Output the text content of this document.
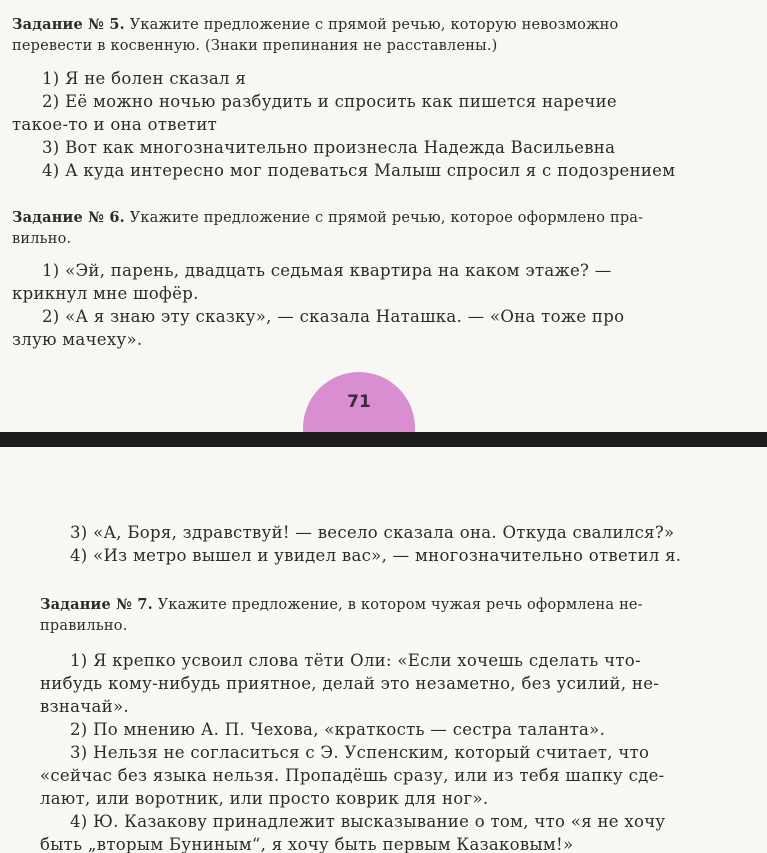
Задание № 5. Укажите предложение с прямой речью, которую невозможно
перевести в косвенную. (Знаки препинания не расставлены.)
1) Я не болен сказал я
2) Её можно ночью разбудить и спросить как пишется наречие
такое-то и она ответит
3) Вот как многозначительно произнесла Надежда Васильевна
4) А куда интересно мог подеваться Малыш спросил я с подозрением
Задание № 6. Укажите предложение с прямой речью, которое оформлено пра-
вильно.
1) «Эй, парень, двадцать седьмая квартира на каком этаже? —
крикнул мне шофёр.
2) «А я знаю эту сказку», — сказала Наташка. — «Она тоже про
злую мачеху».
71
3) «А, Боря, здравствуй! — весело сказала она. Откуда свалился?»
4) «Из метро вышел и увидел вас», — многозначительно ответил я.
Задание № 7. Укажите предложение, в котором чужая речь оформлена не-
правильно.
1) Я крепко усвоил слова тёти Оли: «Если хочешь сделать что-
нибудь кому-нибудь приятное, делай это незаметно, без усилий, не-
взначай».
2) По мнению А. П. Чехова, «краткость — сестра таланта».
3) Нельзя не согласиться с Э. Успенским, который считает, что
«сейчас без языка нельзя. Пропадёшь сразу, или из тебя шапку сде-
лают, или воротник, или просто коврик для ног».
4) Ю. Казакову принадлежит высказывание о том, что «я не хочу
быть „вторым Буниным“, я хочу быть первым Казаковым!»
